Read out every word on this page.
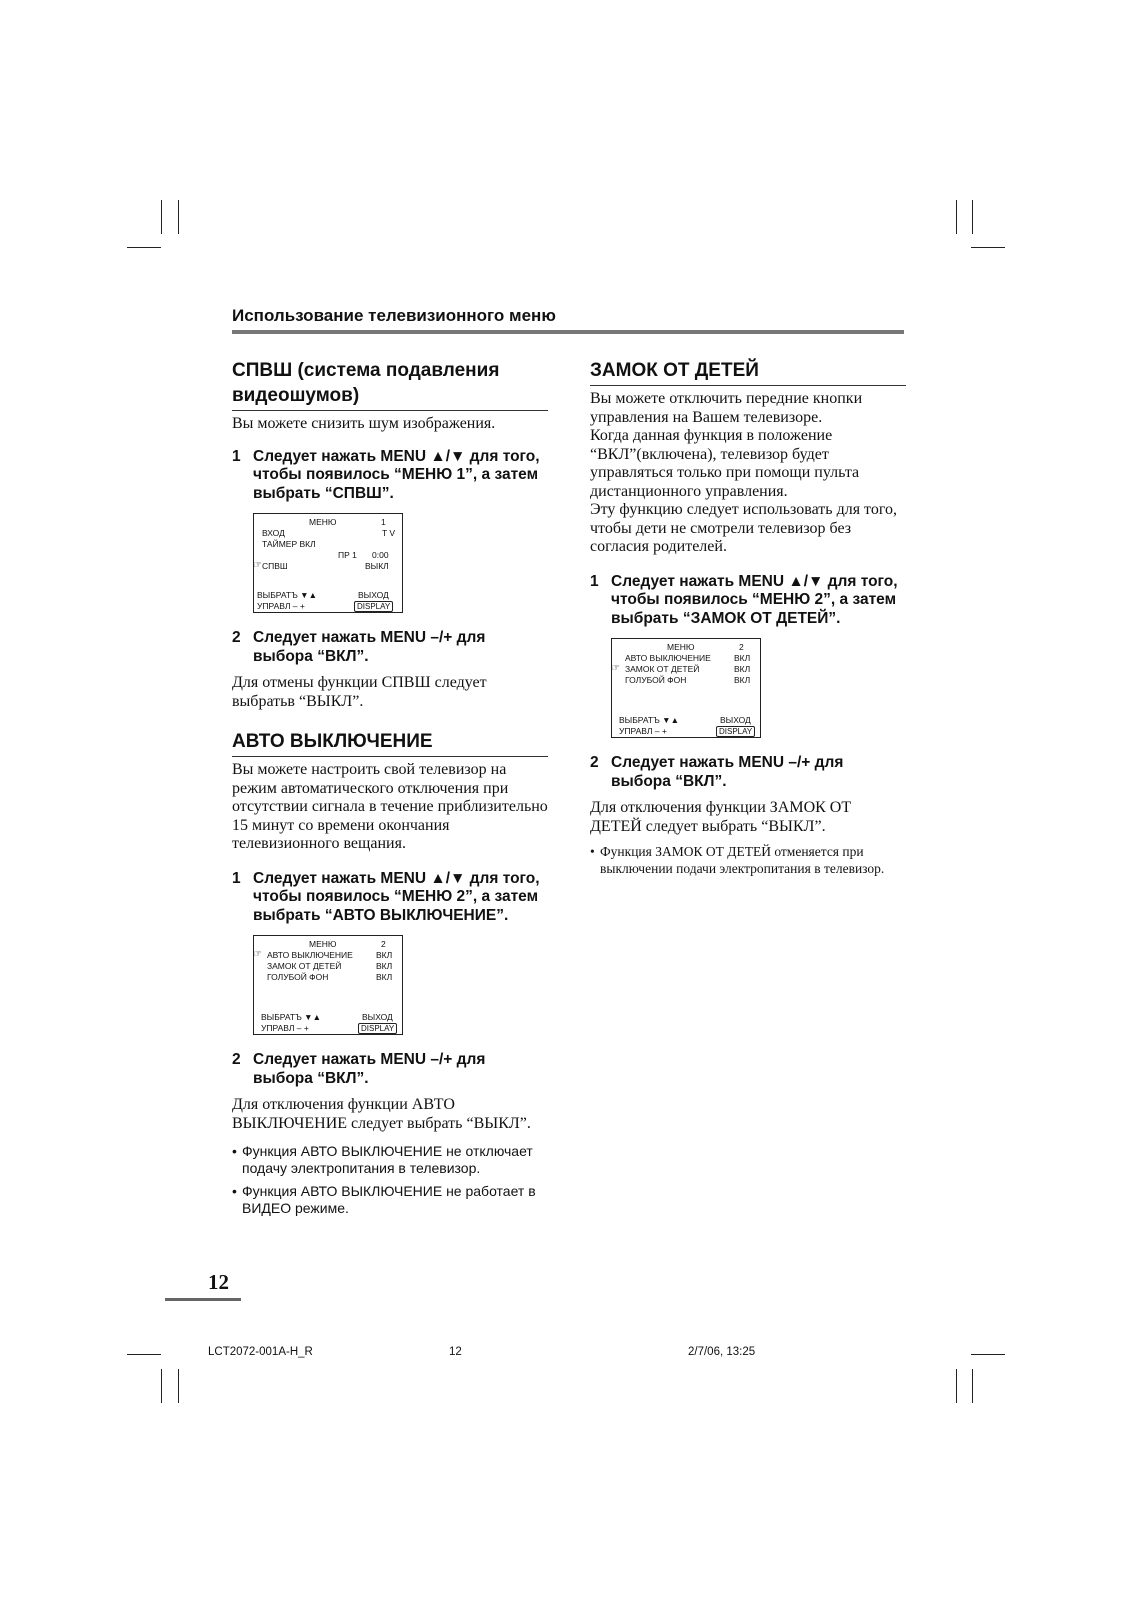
Использование телевизионного меню
СПВШ (система подавления
видеошумов)

Вы можете снизить шум изображения.

1 Следует нажать MENU ▲/▼ для того, чтобы появилось “МЕНЮ 1”, а затем выбрать “СПВШ”.
МЕНЮ	1
ВХОД	T V
ТАЙМЕР ВКЛ
ПР 1 0:00
☞ СПВШ	ВЫКЛ
ВЫБРАТЪ ▼▲	ВЫХОД
УПРАВЛ – +	DISPLAY
2 Следует нажать MENU –/+ для выбора “ВКЛ”.

Для отмены функции СПВШ следует выбратьв “ВЫКЛ”.

АВТО ВЫКЛЮЧЕНИЕ

Вы можете настроить свой телевизор на режим автоматического отключения при отсутствии сигнала в течение приблизительно 15 минут со времени окончания телевизионного вещания.

1 Следует нажать MENU ▲/▼ для того, чтобы появилось “МЕНЮ 2”, а затем выбрать “АВТО ВЫКЛЮЧЕНИЕ”.
МЕНЮ	2
☞ АВТО ВЫКЛЮЧЕНИЕ	ВКЛ
ЗАМОК ОТ ДЕТЕЙ	ВКЛ
ГОЛУБОЙ ФОН	ВКЛ
ВЫБРАТЪ ▼▲	ВЫХОД
УПРАВЛ – +	DISPLAY
2 Следует нажать MENU –/+ для выбора “ВКЛ”.

Для отключения функции АВТО ВЫКЛЮЧЕНИЕ следует выбрать “ВЫКЛ”.

• Функция АВТО ВЫКЛЮЧЕНИЕ не отключает подачу электропитания в телевизор.
• Функция АВТО ВЫКЛЮЧЕНИЕ не работает в ВИДЕО режиме.
ЗАМОК ОТ ДЕТЕЙ

Вы можете отключить передние кнопки управления на Вашем телевизоре.

Когда данная функция в положение “ВКЛ”(включена), телевизор будет управляться только при помощи пульта дистанционного управления.

Эту функцию следует использовать для того, чтобы дети не смотрели телевизор без согласия родителей.

1 Следует нажать MENU ▲/▼ для того, чтобы появилось “МЕНЮ 2”, а затем выбрать “ЗАМОК ОТ ДЕТЕЙ”.
МЕНЮ	2
АВТО ВЫКЛЮЧЕНИЕ	ВКЛ
☞ ЗАМОК ОТ ДЕТЕЙ	ВКЛ
ГОЛУБОЙ ФОН	ВКЛ
ВЫБРАТЪ ▼▲	ВЫХОД
УПРАВЛ – +	DISPLAY
2 Следует нажать MENU –/+ для выбора “ВКЛ”.

Для отключения функции ЗАМОК ОТ ДЕТЕЙ следует выбрать “ВЫКЛ”.

• Функция ЗАМОК ОТ ДЕТЕЙ отменяется при выключении подачи электропитания в телевизор.
12
LCT2072-001A-H_R	12	2/7/06, 13:25
